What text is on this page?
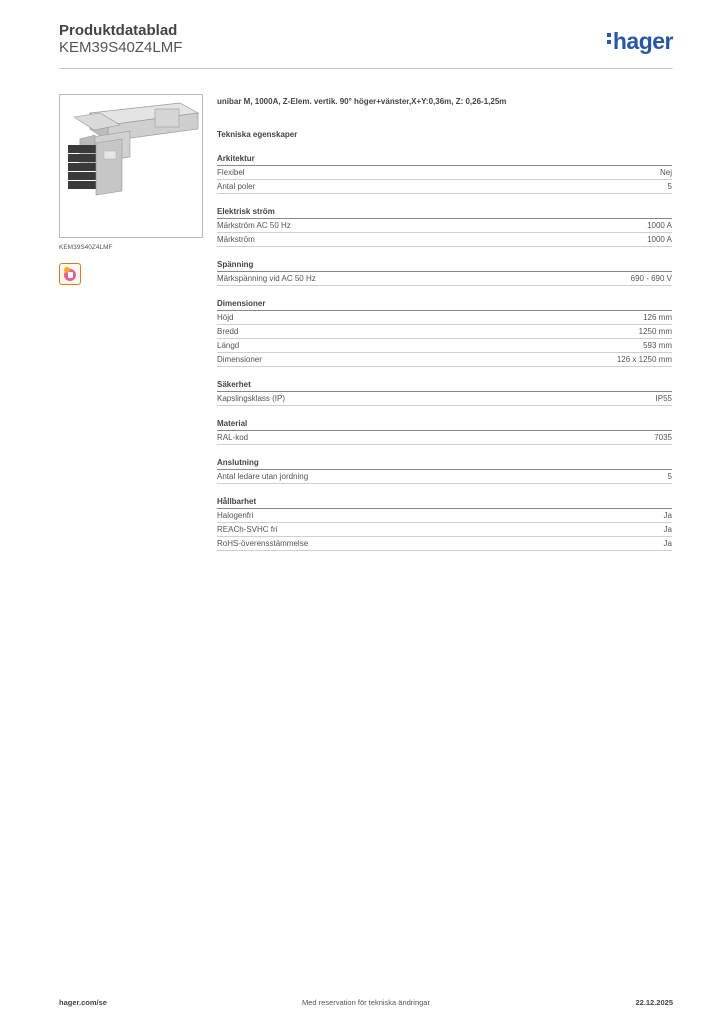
Produktdatablad
KEM39S40Z4LMF	hager
KEM39S40Z4LMF
unibar M, 1000A, Z-Elem. vertik. 90° höger+vänster,X+Y:0,36m, Z: 0,26-1,25m
Tekniska egenskaper
Arkitektur
Flexibel	Nej
Antal poler	5
Elektrisk ström
Märkström AC 50 Hz	1000 A
Märkström	1000 A
Spänning
Märkspänning vid AC 50 Hz	690 - 690 V
Dimensioner
Höjd	126 mm
Bredd	1250 mm
Längd	593 mm
Dimensioner	126 x 1250 mm
Säkerhet
Kapslingsklass (IP)	IP55
Material
RAL-kod	7035
Anslutning
Antal ledare utan jordning	5
Hållbarhet
Halogenfri	Ja
REACh-SVHC fri	Ja
RoHS-överensstämmelse	Ja
Med reservation för tekniska ändringar
hager.com/se	22.12.2025
